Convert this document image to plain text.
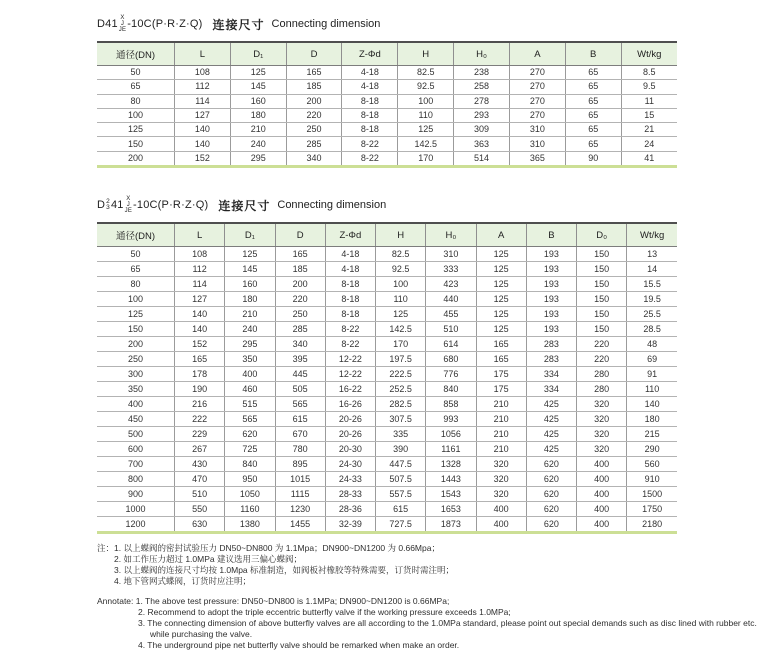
D41 X
J
JE -10C(P·R·Z·Q) 连接尺寸 Connecting dimension
通径(DN)	L	D₁	D	Z-Φd	H	H₀	A	B	Wt/kg
50	108	125	165	4-18	82.5	238	270	65	8.5
65	112	145	185	4-18	92.5	258	270	65	9.5
80	114	160	200	8-18	100	278	270	65	11
100	127	180	220	8-18	110	293	270	65	15
125	140	210	250	8-18	125	309	310	65	21
150	140	240	285	8-22	142.5	363	310	65	24
200	152	295	340	8-22	170	514	365	90	41
D 2
3 41 X
J
JE -10C(P·R·Z·Q) 连接尺寸 Connecting dimension
通径(DN)	L	D₁	D	Z-Φd	H	H₀	A	B	D₀	Wt/kg
50	108	125	165	4-18	82.5	310	125	193	150	13
65	112	145	185	4-18	92.5	333	125	193	150	14
80	114	160	200	8-18	100	423	125	193	150	15.5
100	127	180	220	8-18	110	440	125	193	150	19.5
125	140	210	250	8-18	125	455	125	193	150	25.5
150	140	240	285	8-22	142.5	510	125	193	150	28.5
200	152	295	340	8-22	170	614	165	283	220	48
250	165	350	395	12-22	197.5	680	165	283	220	69
300	178	400	445	12-22	222.5	776	175	334	280	91
350	190	460	505	16-22	252.5	840	175	334	280	110
400	216	515	565	16-26	282.5	858	210	425	320	140
450	222	565	615	20-26	307.5	993	210	425	320	180
500	229	620	670	20-26	335	1056	210	425	320	215
600	267	725	780	20-30	390	1161	210	425	320	290
700	430	840	895	24-30	447.5	1328	320	620	400	560
800	470	950	1015	24-33	507.5	1443	320	620	400	910
900	510	1050	1115	28-33	557.5	1543	320	620	400	1500
1000	550	1160	1230	28-36	615	1653	400	620	400	1750
1200	630	1380	1455	32-39	727.5	1873	400	620	400	2180
注：1. 以上蝶阀的密封试验压力 DN50~DN800 为 1.1Mpa；DN900~DN1200 为 0.66Mpa；
2. 如工作压力超过 1.0MPa 建议选用三偏心蝶阀；
3. 以上蝶阀的连接尺寸均按 1.0Mpa 标准制造，如阀板衬橡胶等特殊需要，订货时需注明；
4. 地下管网式蝶阀，订货时应注明；
Annotate: 1. The above test pressure: DN50~DN800 is 1.1MPa; DN900~DN1200 is 0.66MPa;
2. Recommend to adopt the triple eccentric butterfly valve if the working pressure exceeds 1.0MPa;
3. The connecting dimension of above butterfly valves are all according to the 1.0MPa standard, please point out special demands such as disc lined with rubber etc. while purchasing the valve.
4. The underground pipe net butterfly valve should be remarked when make an order.
